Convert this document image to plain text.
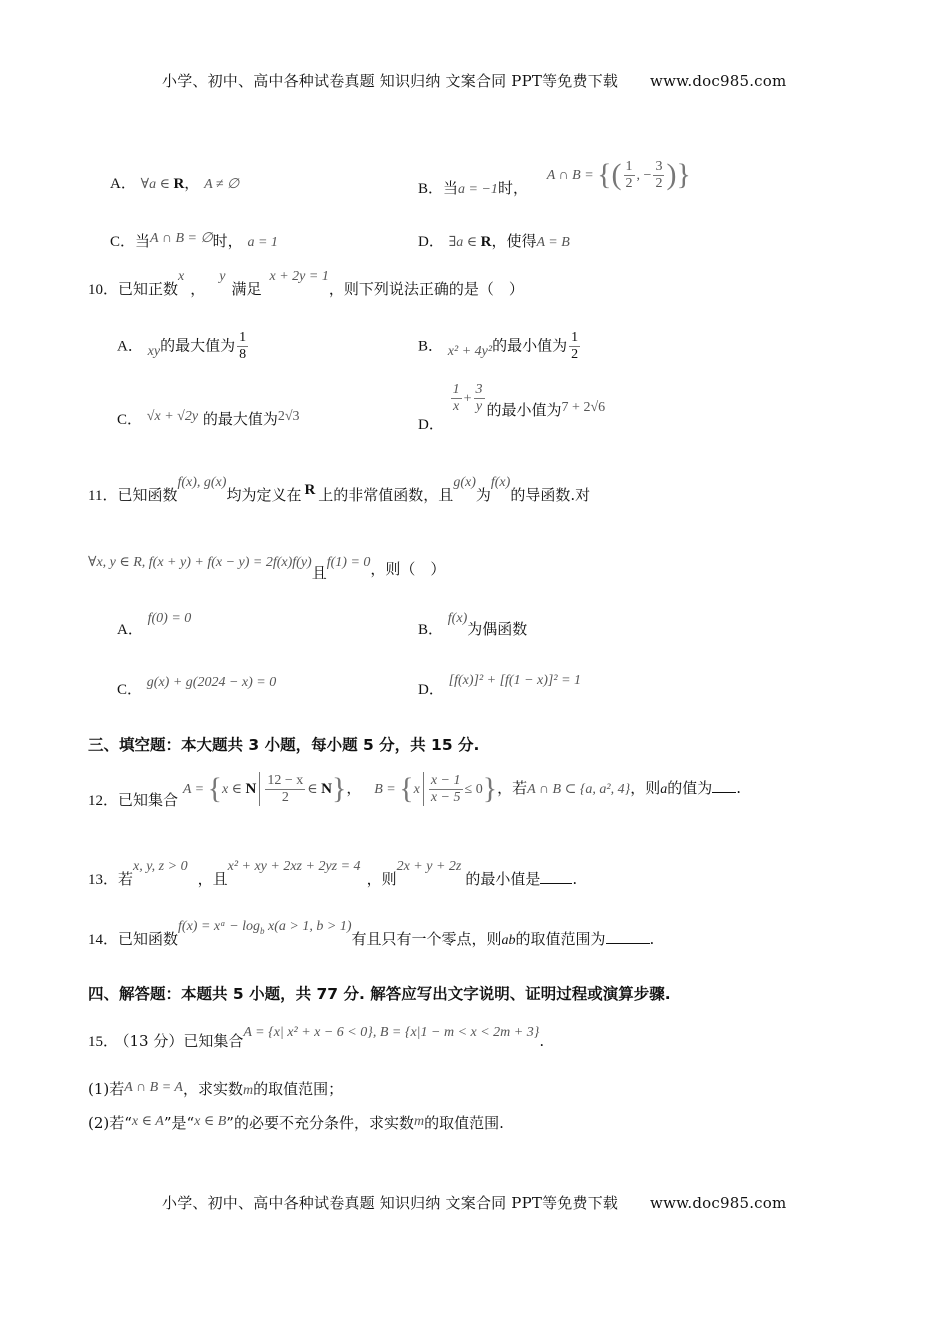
小学、初中、高中各种试卷真题 知识归纳 文案合同 PPT等免费下载 www.doc985.com
A． ∀a ∈ R， A ≠ ∅	B．当a = −1时， A ∩ B = {( $\frac{1}{2}$ , − $\frac{3}{2}$ )}
C．当A ∩ B = ∅时， a = 1	D． ∃a ∈ R，使得A = B
10．已知正数x，y满足x + 2y = 1，则下列说法正确的是（　）
A． xy的最大值为 $\frac{1}{8}$	B． x² + 4y²的最小值为 $\frac{1}{2}$
C． √x + √2y 的最大值为2√3	D．
$\frac{1}{x} + \frac{3}{y}$ 的最小值为7 + 2√6
11．已知函数f(x), g(x)均为定义在 R 上的非常值函数，且g(x)为f(x)的导函数.对
∀x, y ∈ R, f(x + y) + f(x − y) = 2f(x)f(y)且f(1) = 0，则（　）
A． f(0) = 0
B． f(x)为偶函数
C． g(x) + g(2024 − x) = 0	D． [f(x)]² + [f(1 − x)]² = 1
三、填空题：本大题共 3 小题，每小题 5 分，共 15 分.
12．已知集合 A = {x ∈ N $\frac{12 - x}{2}$ ∈ N}， $B = \{x \frac{x - 1}{x - 5} \le 0\}$，若A ∩ B ⊂ {a, a², 4}，则a的值为 .
13．若x, y, z > 0，且x² + xy + 2xz + 2yz = 4，则2x + y + 2z的最小值是 .
14．已知函数f(x) = xᵃ − $\log_b x(a > 1$, b > 1)有且只有一个零点，则ab的取值范围为	.
四、解答题：本题共 5 小题，共 77 分. 解答应写出文字说明、证明过程或演算步骤.
15． （13 分）已知集合A = {x| x² + x − 6 < 0}, B = {x|1 − m < x < 2m + 3}.
(1)若A ∩ B = A，求实数m的取值范围；
(2)若“x ∈ A”是“x ∈ B”的必要不充分条件，求实数m的取值范围.
小学、初中、高中各种试卷真题 知识归纳 文案合同 PPT等免费下载 www.doc985.com
